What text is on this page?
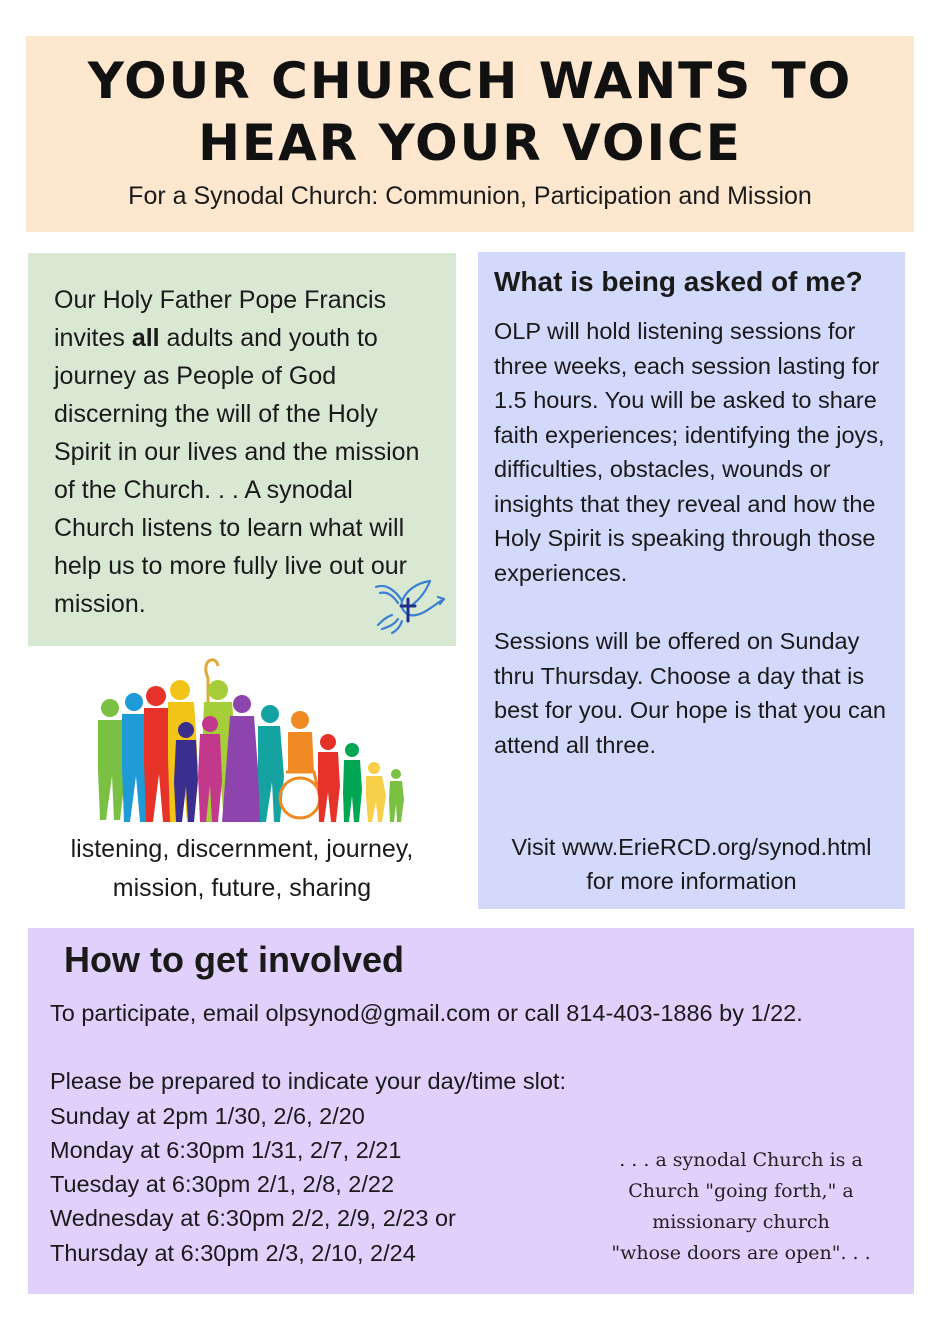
YOUR CHURCH WANTS TO
HEAR YOUR VOICE
For a Synodal Church: Communion, Participation and Mission
Our Holy Father Pope Francis invites all adults and youth to journey as People of God discerning the will of the Holy Spirit in our lives and the mission of the Church. . . A synodal Church listens to learn what will help us to more fully live out our mission.
listening, discernment, journey,
mission, future, sharing
What is being asked of me?

OLP will hold listening sessions for three weeks, each session lasting for 1.5 hours. You will be asked to share faith experiences; identifying the joys, difficulties, obstacles, wounds or insights that they reveal and how the Holy Spirit is speaking through those experiences.

Sessions will be offered on Sunday thru Thursday. Choose a day that is best for you. Our hope is that you can attend all three.

Visit www.ErieRCD.org/synod.html
for more information
How to get involved
To participate, email olpsynod@gmail.com or call 814-403-1886 by 1/22.
Please be prepared to indicate your day/time slot:
Sunday at 2pm 1/30, 2/6, 2/20
Monday at 6:30pm 1/31, 2/7, 2/21
Tuesday at 6:30pm 2/1, 2/8, 2/22
Wednesday at 6:30pm 2/2, 2/9, 2/23 or
Thursday at 6:30pm 2/3, 2/10, 2/24
. . . a synodal Church is a
Church "going forth," a
missionary church
"whose doors are open". . .
